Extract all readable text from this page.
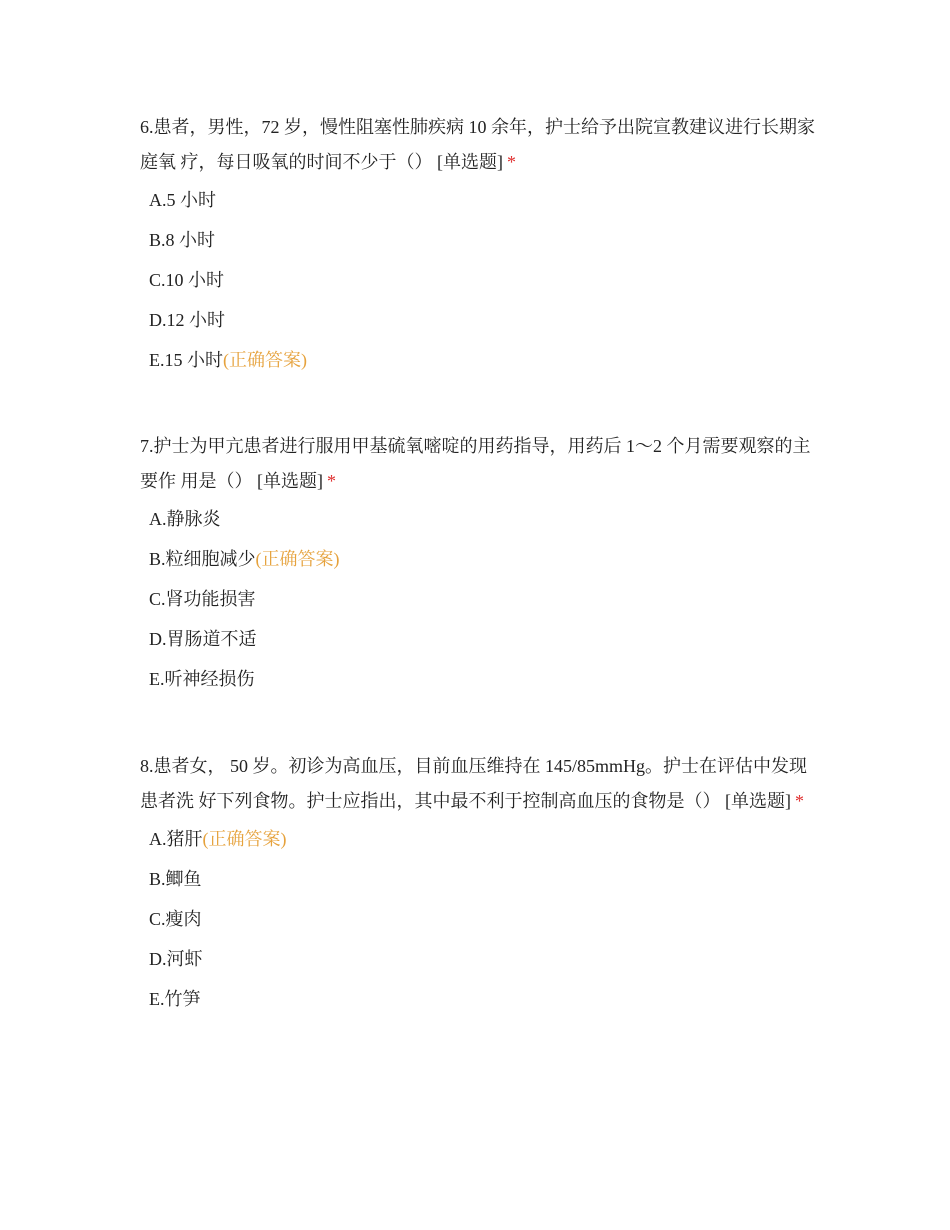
6.患者，男性，72 岁，慢性阻塞性肺疾病 10 余年，护士给予出院宣教建议进行长期家庭氧 疗，每日吸氧的时间不少于（） [单选题] *

A.5 小时
B.8 小时
C.10 小时
D.12 小时
E.15 小时(正确答案)

7.护士为甲亢患者进行服用甲基硫氧嘧啶的用药指导，用药后 1～2 个月需要观察的主要作 用是（） [单选题] *

A.静脉炎
B.粒细胞减少(正确答案)
C.肾功能损害
D.胃肠道不适
E.听神经损伤

8.患者女， 50 岁。初诊为高血压，目前血压维持在 145/85mmHg。护士在评估中发现患者洗 好下列食物。护士应指出，其中最不利于控制高血压的食物是（） [单选题] *

A.猪肝(正确答案)
B.鲫鱼
C.瘦肉
D.河虾
E.竹笋
